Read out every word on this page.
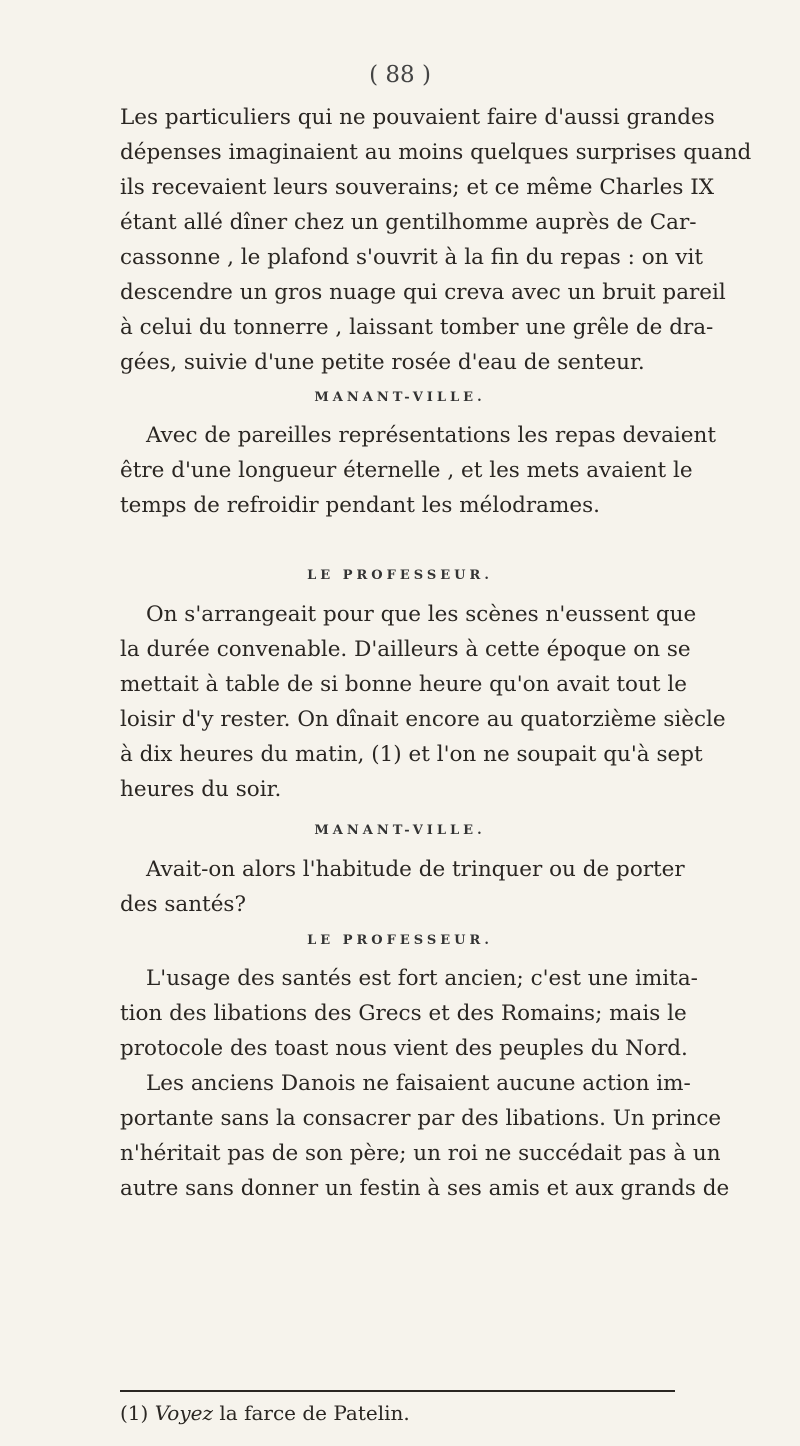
( 88 )
Les particuliers qui ne pouvaient faire d'aussi grandes
dépenses imaginaient au moins quelques surprises quand
ils recevaient leurs souverains; et ce même Charles IX
étant allé dîner chez un gentilhomme auprès de Car-
cassonne , le plafond s'ouvrit à la fin du repas : on vit
descendre un gros nuage qui creva avec un bruit pareil
à celui du tonnerre , laissant tomber une grêle de dra-
gées, suivie d'une petite rosée d'eau de senteur.
MANANT-VILLE.
Avec de pareilles représentations les repas devaient
être d'une longueur éternelle , et les mets avaient le
temps de refroidir pendant les mélodrames.
LE PROFESSEUR.
On s'arrangeait pour que les scènes n'eussent que
la durée convenable. D'ailleurs à cette époque on se
mettait à table de si bonne heure qu'on avait tout le
loisir d'y rester. On dînait encore au quatorzième siècle
à dix heures du matin, (1) et l'on ne soupait qu'à sept
heures du soir.
MANANT-VILLE.
Avait-on alors l'habitude de trinquer ou de porter
des santés?
LE PROFESSEUR.
L'usage des santés est fort ancien; c'est une imita-
tion des libations des Grecs et des Romains; mais le
protocole des toast nous vient des peuples du Nord.
Les anciens Danois ne faisaient aucune action im-
portante sans la consacrer par des libations. Un prince
n'héritait pas de son père; un roi ne succédait pas à un
autre sans donner un festin à ses amis et aux grands de
(1) Voyez la farce de Patelin.
